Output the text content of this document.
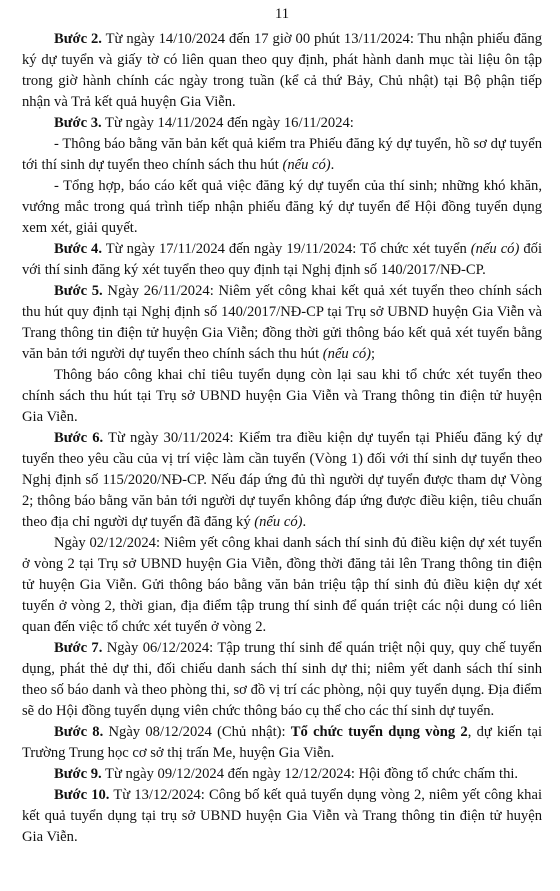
11

Bước 2. Từ ngày 14/10/2024 đến 17 giờ 00 phút 13/11/2024: Thu nhận phiếu đăng ký dự tuyển và giấy tờ có liên quan theo quy định, phát hành danh mục tài liệu ôn tập trong giờ hành chính các ngày trong tuần (kể cả thứ Bảy, Chủ nhật) tại Bộ phận tiếp nhận và Trả kết quả huyện Gia Viễn.

Bước 3. Từ ngày 14/11/2024 đến ngày 16/11/2024:

- Thông báo bằng văn bản kết quả kiểm tra Phiếu đăng ký dự tuyển, hồ sơ dự tuyển tới thí sinh dự tuyển theo chính sách thu hút (nếu có).

- Tổng hợp, báo cáo kết quả việc đăng ký dự tuyển của thí sinh; những khó khăn, vướng mắc trong quá trình tiếp nhận phiếu đăng ký dự tuyển để Hội đồng tuyển dụng xem xét, giải quyết.

Bước 4. Từ ngày 17/11/2024 đến ngày 19/11/2024: Tổ chức xét tuyển (nếu có) đối với thí sinh đăng ký xét tuyển theo quy định tại Nghị định số 140/2017/NĐ-CP.

Bước 5. Ngày 26/11/2024: Niêm yết công khai kết quả xét tuyển theo chính sách thu hút quy định tại Nghị định số 140/2017/NĐ-CP tại Trụ sở UBND huyện Gia Viễn và Trang thông tin điện tử huyện Gia Viễn; đồng thời gửi thông báo kết quả xét tuyển bằng văn bản tới người dự tuyển theo chính sách thu hút (nếu có);

Thông báo công khai chỉ tiêu tuyển dụng còn lại sau khi tổ chức xét tuyển theo chính sách thu hút tại Trụ sở UBND huyện Gia Viễn và Trang thông tin điện tử huyện Gia Viễn.

Bước 6. Từ ngày 30/11/2024: Kiểm tra điều kiện dự tuyển tại Phiếu đăng ký dự tuyển theo yêu cầu của vị trí việc làm cần tuyển (Vòng 1) đối với thí sinh dự tuyển theo Nghị định số 115/2020/NĐ-CP. Nếu đáp ứng đủ thì người dự tuyển được tham dự Vòng 2; thông báo bằng văn bản tới người dự tuyển không đáp ứng được điều kiện, tiêu chuẩn theo địa chỉ người dự tuyển đã đăng ký (nếu có).

Ngày 02/12/2024: Niêm yết công khai danh sách thí sinh đủ điều kiện dự xét tuyển ở vòng 2 tại Trụ sở UBND huyện Gia Viễn, đồng thời đăng tải lên Trang thông tin điện tử huyện Gia Viễn. Gửi thông báo bằng văn bản triệu tập thí sinh đủ điều kiện dự xét tuyển ở vòng 2, thời gian, địa điểm tập trung thí sinh để quán triệt các nội dung có liên quan đến việc tổ chức xét tuyển ở vòng 2.

Bước 7. Ngày 06/12/2024: Tập trung thí sinh để quán triệt nội quy, quy chế tuyển dụng, phát thẻ dự thi, đối chiếu danh sách thí sinh dự thi; niêm yết danh sách thí sinh theo số báo danh và theo phòng thi, sơ đồ vị trí các phòng, nội quy tuyển dụng. Địa điểm sẽ do Hội đồng tuyển dụng viên chức thông báo cụ thể cho các thí sinh dự tuyển.

Bước 8. Ngày 08/12/2024 (Chủ nhật): Tổ chức tuyển dụng vòng 2, dự kiến tại Trường Trung học cơ sở thị trấn Me, huyện Gia Viễn.

Bước 9. Từ ngày 09/12/2024 đến ngày 12/12/2024: Hội đồng tổ chức chấm thi.

Bước 10. Từ 13/12/2024: Công bố kết quả tuyển dụng vòng 2, niêm yết công khai kết quả tuyển dụng tại trụ sở UBND huyện Gia Viễn và Trang thông tin điện tử huyện Gia Viễn.
